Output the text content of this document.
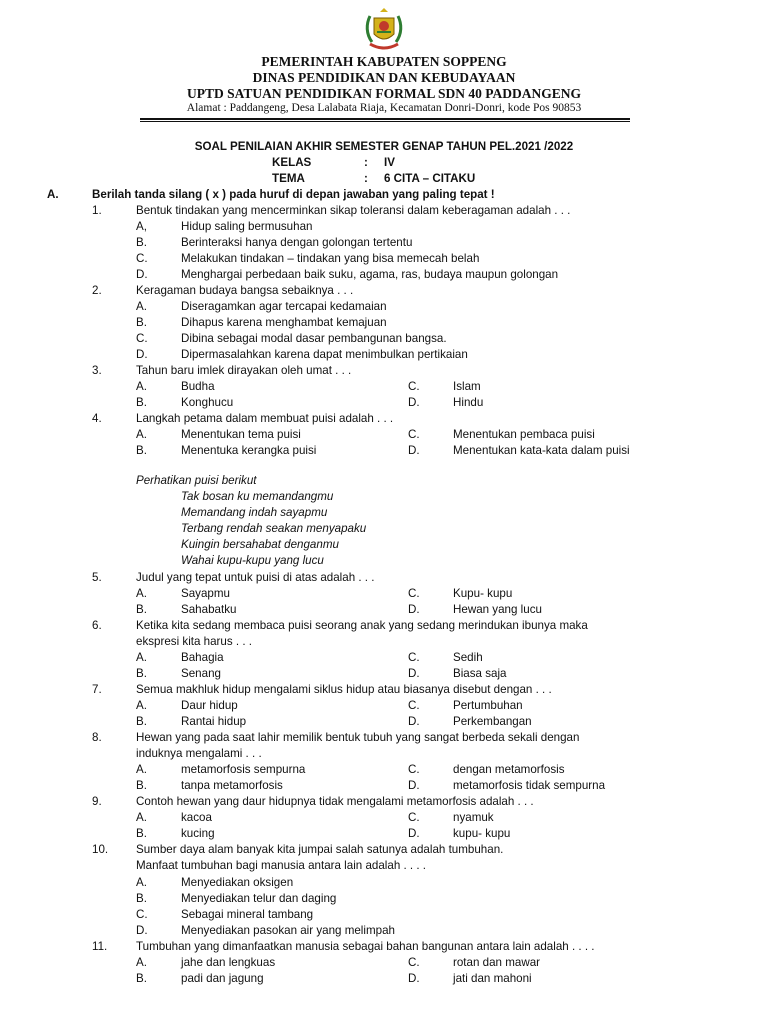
PEMERINTAH KABUPATEN SOPPENG
DINAS PENDIDIKAN DAN KEBUDAYAAN
UPTD SATUAN PENDIDIKAN FORMAL SDN 40 PADDANGENG
Alamat : Paddangeng, Desa Lalabata Riaja, Kecamatan Donri-Donri, kode Pos 90853
SOAL PENILAIAN AKHIR SEMESTER GENAP TAHUN PEL.2021 /2022
KELAS	: IV
TEMA	: 6 CITA – CITAKU
A.	Berilah tanda silang ( x ) pada huruf di depan jawaban yang paling tepat !
1.	Bentuk tindakan yang mencerminkan sikap toleransi dalam keberagaman adalah . . .
A,	Hidup saling bermusuhan
B.	Berinteraksi hanya dengan golongan tertentu
C.	Melakukan tindakan – tindakan yang bisa memecah belah
D.	Menghargai perbedaan baik suku, agama, ras, budaya maupun golongan
2.	Keragaman budaya bangsa sebaiknya . . .
A.	Diseragamkan agar tercapai kedamaian
B.	Dihapus karena menghambat kemajuan
C.	Dibina sebagai modal dasar pembangunan bangsa.
D.	Dipermasalahkan karena dapat menimbulkan pertikaian
3.	Tahun baru imlek dirayakan oleh umat . . .
A.	Budha	C.	Islam
B.	Konghucu	D.	Hindu
4.	Langkah petama dalam membuat puisi adalah . . .
A.	Menentukan tema puisi	C.	Menentukan pembaca puisi
B.	Menentuka kerangka puisi	D.	Menentukan kata-kata dalam puisi
Perhatikan puisi berikut
Tak bosan ku memandangmu
Memandang indah sayapmu
Terbang rendah seakan menyapaku
Kuingin bersahabat denganmu
Wahai kupu-kupu yang lucu
5.	Judul yang tepat untuk puisi di atas adalah . . .
A.	Sayapmu	C.	Kupu- kupu
B.	Sahabatku	D.	Hewan yang lucu
6.	Ketika kita sedang membaca puisi seorang anak yang sedang merindukan ibunya maka
ekspresi kita harus . . .
A.	Bahagia	C.	Sedih
B.	Senang	D.	Biasa saja
7.	Semua makhluk hidup mengalami siklus hidup atau biasanya disebut dengan . . .
A.	Daur hidup	C.	Pertumbuhan
B.	Rantai hidup	D.	Perkembangan
8.	Hewan yang pada saat lahir memilik bentuk tubuh yang sangat berbeda sekali dengan
induknya mengalami . . .
A.	metamorfosis sempurna	C.	dengan metamorfosis
B.	tanpa metamorfosis	D.	metamorfosis tidak sempurna
9.	Contoh hewan yang daur hidupnya tidak mengalami metamorfosis adalah . . .
A.	kacoa	C.	nyamuk
B.	kucing	D.	kupu- kupu
10. Sumber daya alam banyak kita jumpai salah satunya adalah tumbuhan.
Manfaat tumbuhan bagi manusia antara lain adalah . . . .
A.	Menyediakan oksigen
B.	Menyediakan telur dan daging
C.	Sebagai mineral tambang
D.	Menyediakan pasokan air yang melimpah
11. Tumbuhan yang dimanfaatkan manusia sebagai bahan bangunan antara lain adalah . . . .
A.	jahe dan lengkuas	C.	rotan dan mawar
B.	padi dan jagung	D.	jati dan mahoni
